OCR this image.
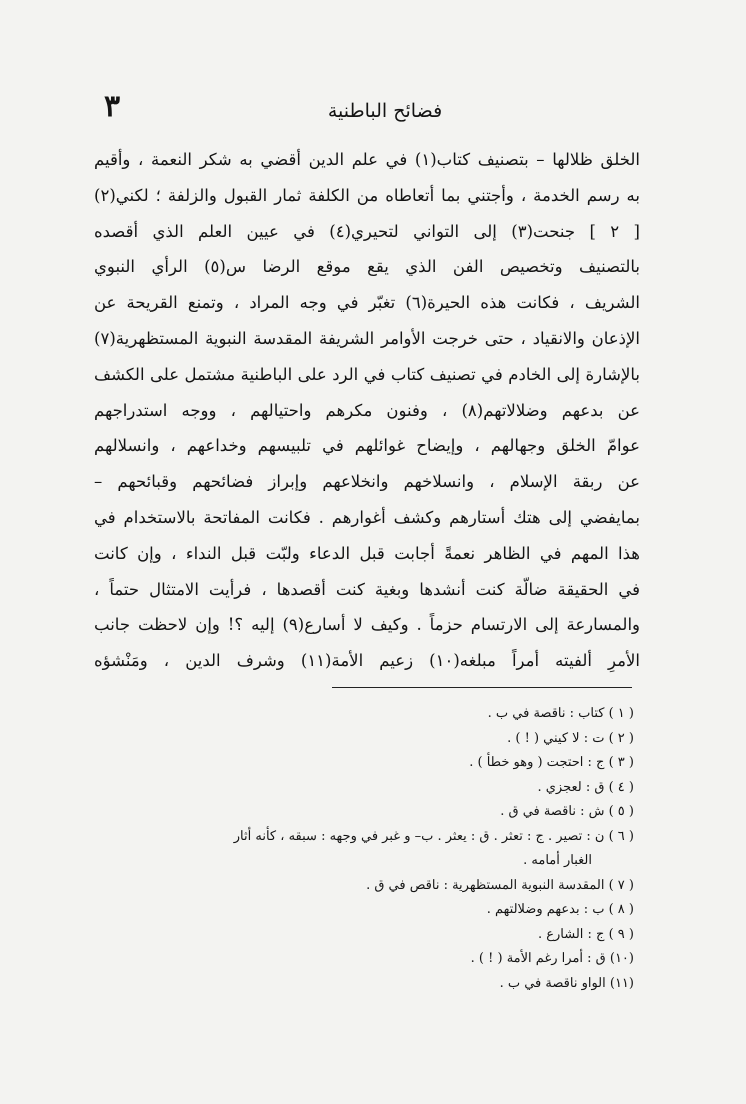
٣	فضائح الباطنية
الخلق ظلالها – بتصنيف كتاب(١) في علم الدين أقضي به شكر النعمة ، وأقيم
به رسم الخدمة ، وأجتني بما أتعاطاه من الكلفة ثمار القبول والزلفة ؛ لكني(٢)
[ ٢ ] جنحت(٣) إلى التواني لتحيري(٤) في عيين العلم الذي أقصده
بالتصنيف وتخصيص الفن الذي يقع موقع الرضا س(٥) الرأي النبوي
الشريف ، فكانت هذه الحيرة(٦) تغبّر في وجه المراد ، وتمنع القريحة عن
الإذعان والانقياد ، حتى خرجت الأوامر الشريفة المقدسة النبوية المستظهرية(٧)
بالإشارة إلى الخادم في تصنيف كتاب في الرد على الباطنية مشتمل على الكشف
عن بدعهم وضلالاتهم(٨) ، وفنون مكرهم واحتيالهم ، ووجه استدراجهم
عوامّ الخلق وجهالهم ، وإيضاح غوائلهم في تلبيسهم وخداعهم ، وانسلالهم
عن ربقة الإسلام ، وانسلاخهم وانخلاعهم وإبراز فضائحهم وقبائحهم –
بمايفضي إلى هتك أستارهم وكشف أغوارهم . فكانت المفاتحة بالاستخدام في
هذا المهم في الظاهر نعمةً أجابت قبل الدعاء ولبّت قبل النداء ، وإن كانت
في الحقيقة ضالّة كنت أنشدها وبغية كنت أقصدها ، فرأيت الامتثال حتماً ،
والمسارعة إلى الارتسام حزماً . وكيف لا أسارع(٩) إليه ؟! وإن لاحظت جانب
الأمرِ ألفيته أمراً مبلغه(١٠) زعيم الأمة(١١) وشرف الدين ، ومَنْشؤه
( ١ ) كتاب : ناقصة في ب .
( ٢ ) ت : لا كيني ( ! ) .
( ٣ ) ج : احتجت ( وهو خطأ ) .
( ٤ ) ق : لعجزي .
( ٥ ) ش : ناقصة في ق .
( ٦ ) ن : تصير . ج : تعثر . ق : يعثر . ب– و غبر في وجهه : سبقه ، كأنه أثار
الغبار أمامه .
( ٧ ) المقدسة النبوية المستظهرية : ناقص في ق .
( ٨ ) ب : بدعهم وضلالتهم .
( ٩ ) ج : الشارع .
(١٠) ق : أمرا رغم الأمة ( ! ) .
(١١) الواو ناقصة في ب .
